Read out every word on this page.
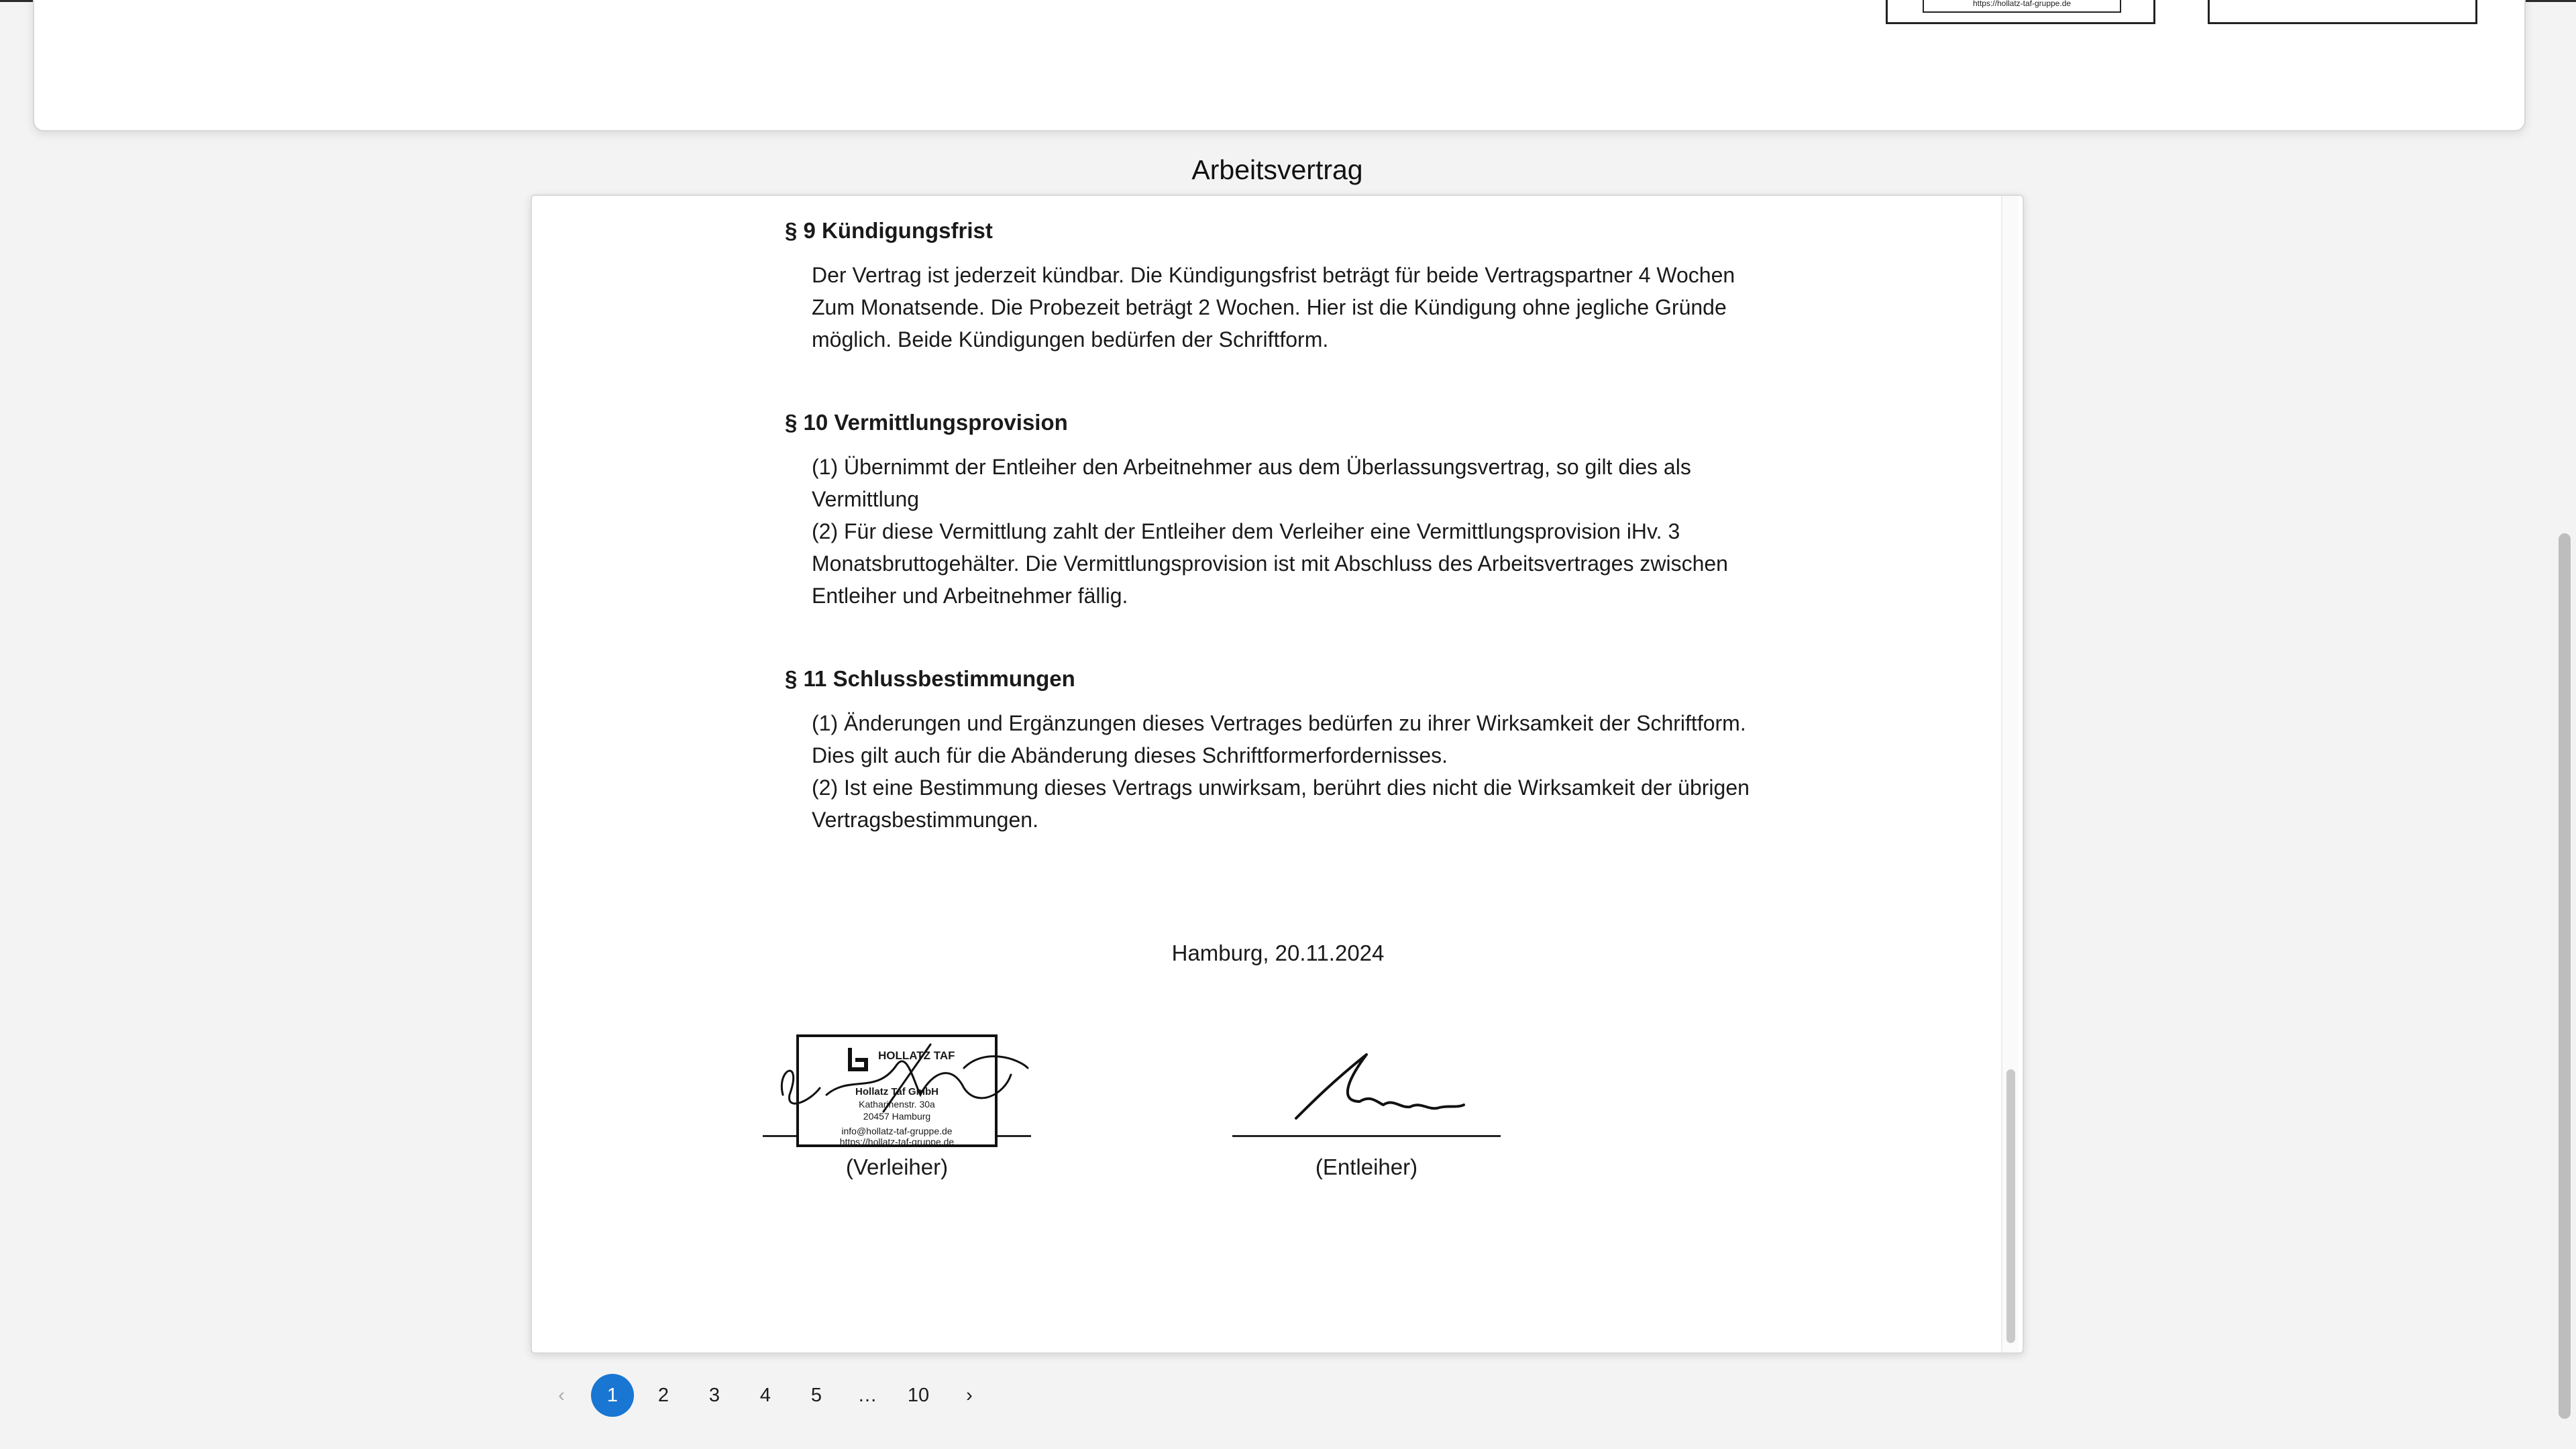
https://hollatz-taf-gruppe.de
Arbeitsvertrag
§ 9 Kündigungsfrist
Der Vertrag ist jederzeit kündbar. Die Kündigungsfrist beträgt für beide Vertragspartner 4 Wochen Zum Monatsende. Die Probezeit beträgt 2 Wochen. Hier ist die Kündigung ohne jegliche Gründe möglich. Beide Kündigungen bedürfen der Schriftform.
§ 10 Vermittlungsprovision
(1) Übernimmt der Entleiher den Arbeitnehmer aus dem Überlassungsvertrag, so gilt dies als Vermittlung
(2) Für diese Vermittlung zahlt der Entleiher dem Verleiher eine Vermittlungsprovision iHv. 3 Monatsbruttogehälter. Die Vermittlungsprovision ist mit Abschluss des Arbeitsvertrages zwischen Entleiher und Arbeitnehmer fällig.
§ 11 Schlussbestimmungen
(1) Änderungen und Ergänzungen dieses Vertrages bedürfen zu ihrer Wirksamkeit der Schriftform. Dies gilt auch für die Abänderung dieses Schriftformerfordernisses.
(2) Ist eine Bestimmung dieses Vertrags unwirksam, berührt dies nicht die Wirksamkeit der übrigen Vertragsbestimmungen.
Hamburg, 20.11.2024
HOLLATZ TAF
Hollatz Taf GmbH
Katharinenstr. 30a
20457 Hamburg
info@hollatz-taf-gruppe.de
https://hollatz-taf-gruppe.de
(Verleiher)	(Entleiher)
‹	1	2	3	4	5	…	10	›
